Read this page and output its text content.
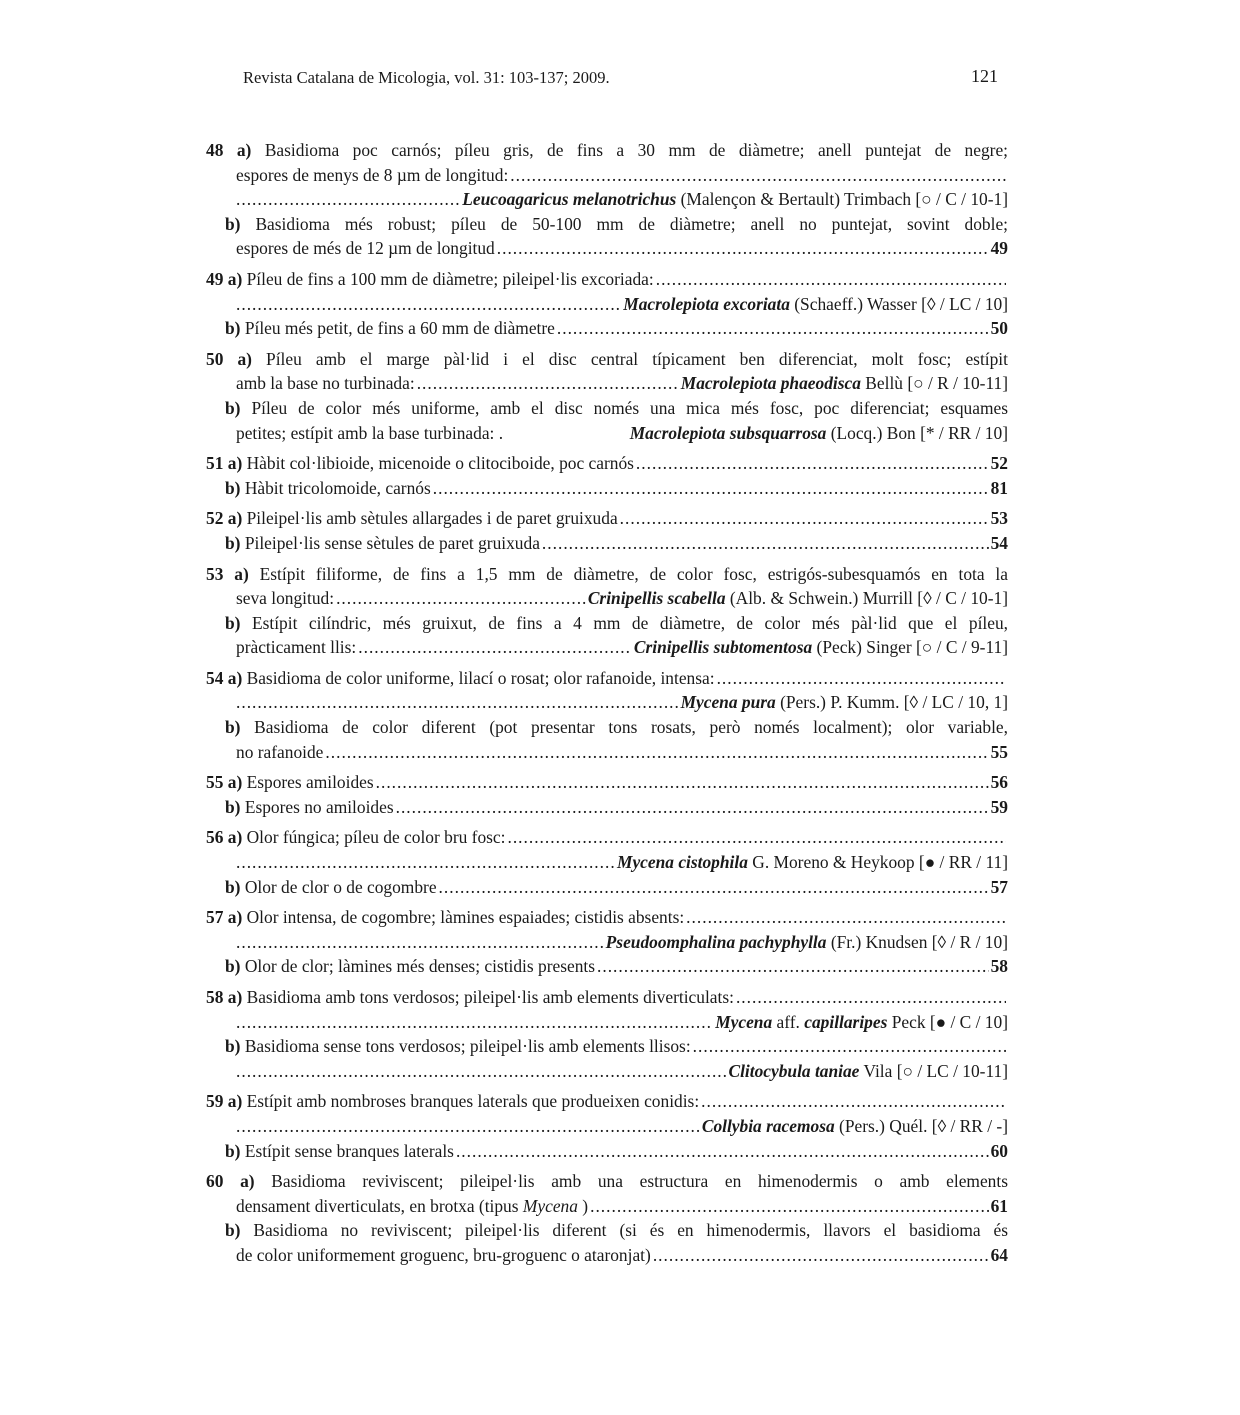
Revista Catalana de Micologia, vol. 31: 103-137; 2009.	121
48 a) Basidioma poc carnós; píleu gris, de fins a 30 mm de diàmetre; anell puntejat de negre;
espores de menys de 8 µm de longitud:
.....
.....
Leucoagaricus melanotrichus (Malençon & Bertault) Trimbach [○ / C / 10-1]
b) Basidioma més robust; píleu de 50-100 mm de diàmetre; anell no puntejat, sovint doble;
espores de més de 12 µm de longitud .....	49
49 a) Píleu de fins a 100 mm de diàmetre; pileipel·lis excoriada:
.....
.....
Macrolepiota excoriata (Schaeff.) Wasser [◊ / LC / 10]
b) Píleu més petit, de fins a 60 mm de diàmetre .....	50
50 a) Píleu amb el marge pàl·lid i el disc central típicament ben diferenciat, molt fosc; estípit
amb la base no turbinada: .....	Macrolepiota phaeodisca Bellù [○ / R / 10-11]
b) Píleu de color més uniforme, amb el disc només una mica més fosc, poc diferenciat; esquames
petites; estípit amb la base turbinada: .
	Macrolepiota subsquarrosa (Locq.) Bon [* / RR / 10]
51 a) Hàbit col·libioide, micenoide o clitociboide, poc carnós .....	52
b) Hàbit tricolomoide, carnós .....	81
52 a) Pileipel·lis amb sètules allargades i de paret gruixuda .....	53
b) Pileipel·lis sense sètules de paret gruixuda .....	54
53 a) Estípit filiforme, de fins a 1,5 mm de diàmetre, de color fosc, estrigós-subesquamós en tota la
seva longitud: .....	Crinipellis scabella (Alb. & Schwein.) Murrill [◊ / C / 10-1]
b) Estípit cilíndric, més gruixut, de fins a 4 mm de diàmetre, de color més pàl·lid que el píleu,
pràcticament llis: .....	Crinipellis subtomentosa (Peck) Singer [○ / C / 9-11]
54 a) Basidioma de color uniforme, lilací o rosat; olor rafanoide, intensa:
.....
.....
Mycena pura (Pers.) P. Kumm. [◊ / LC / 10, 1]
b) Basidioma de color diferent (pot presentar tons rosats, però només localment); olor variable,
no rafanoide .....	55
55 a) Espores amiloides .....	56
b) Espores no amiloides .....	59
56 a) Olor fúngica; píleu de color bru fosc:
.....
.....
Mycena cistophila G. Moreno & Heykoop [● / RR / 11]
b) Olor de clor o de cogombre .....	57
57 a) Olor intensa, de cogombre; làmines espaiades; cistidis absents:
.....
.....
Pseudoomphalina pachyphylla (Fr.) Knudsen [◊ / R / 10]
b) Olor de clor; làmines més denses; cistidis presents .....	58
58 a) Basidioma amb tons verdosos; pileipel·lis amb elements diverticulats:
.....
.....
Mycena aff. capillaripes Peck [● / C / 10]
b) Basidioma sense tons verdosos; pileipel·lis amb elements llisos:
.....
.....
Clitocybula taniae Vila [○ / LC / 10-11]
59 a) Estípit amb nombroses branques laterals que produeixen conidis:
.....
.....
Collybia racemosa (Pers.) Quél. [◊ / RR / -]
b) Estípit sense branques laterals .....	60
60 a) Basidioma reviviscent; pileipel·lis amb una estructura en himenodermis o amb elements
densament diverticulats, en brotxa (tipus Mycena ) .....	61
b) Basidioma no reviviscent; pileipel·lis diferent (si és en himenodermis, llavors el basidioma és
de color uniformement groguenc, bru-groguenc o ataronjat) .....	64
